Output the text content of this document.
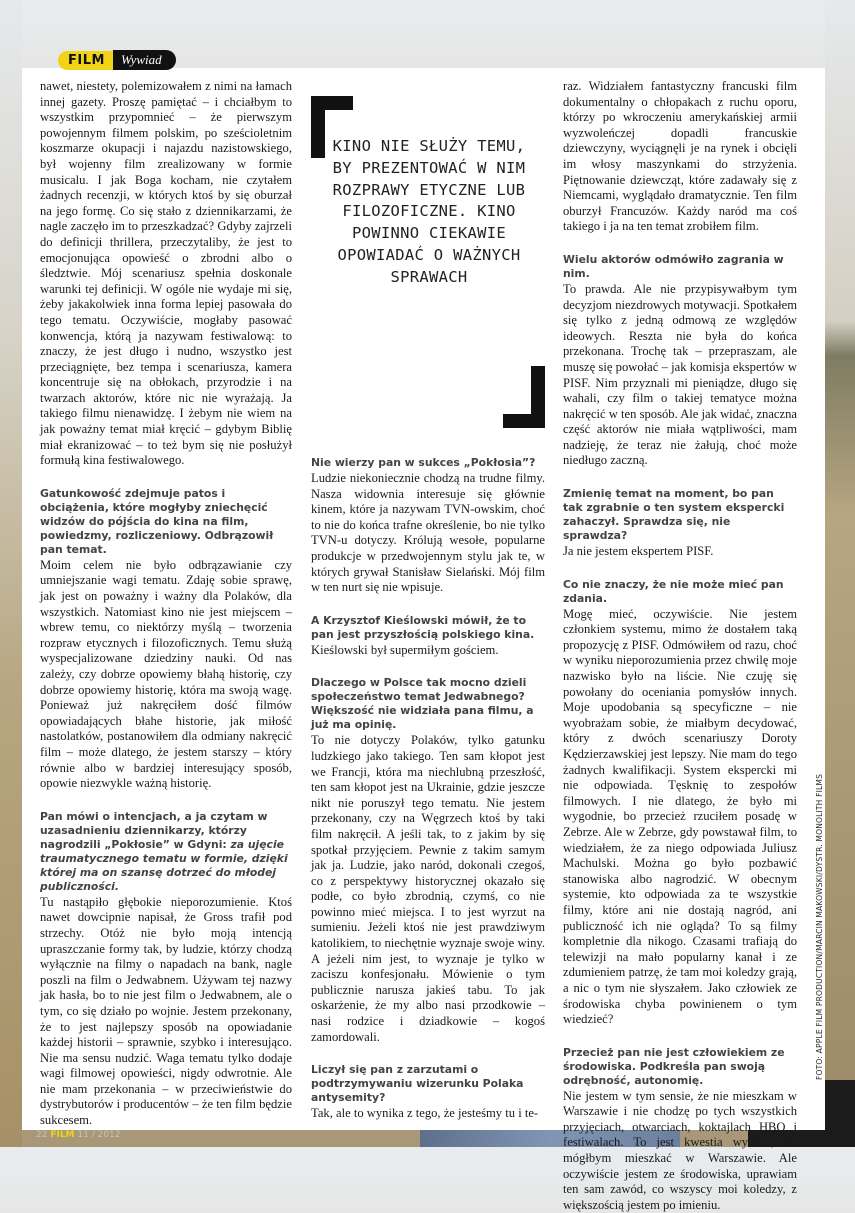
FILM	Wywiad

nawet, niestety, polemizowałem z nimi na łamach innej gazety. Proszę pamiętać – i chciałbym to wszystkim przypomnieć – że pierwszym powojennym filmem polskim, po sześcioletnim koszmarze okupacji i najazdu nazistowskiego, był wojenny film zrealizowany w formie musicalu. I jak Boga kocham, nie czytałem żadnych recenzji, w których ktoś by się oburzał na jego formę. Co się stało z dziennikarzami, że nagle zaczęło im to przeszkadzać? Gdyby zajrzeli do definicji thrillera, przeczytaliby, że jest to emocjonująca opowieść o zbrodni albo o śledztwie. Mój scenariusz spełnia doskonale warunki tej definicji. W ogóle nie wydaje mi się, żeby jakakolwiek inna forma lepiej pasowała do tego tematu. Oczywiście, mogłaby pasować konwencja, którą ja nazywam festiwalową: to znaczy, że jest długo i nudno, wszystko jest przeciągnięte, bez tempa i scenariusza, kamera koncentruje się na obłokach, przyrodzie i na twarzach aktorów, które nic nie wyrażają. Ja takiego filmu nienawidzę. I żebym nie wiem na jak poważny temat miał kręcić – gdybym Biblię miał ekranizować – to też bym się nie posłużył formułą kina festiwalowego.

Gatunkowość zdejmuje patos i obciążenia, które mogłyby zniechęcić widzów do pójścia do kina na film, powiedzmy, rozliczeniowy. Odbrązowił pan temat.

Moim celem nie było odbrązawianie czy umniejszanie wagi tematu. Zdaję sobie sprawę, jak jest on poważny i ważny dla Polaków, dla wszystkich. Natomiast kino nie jest miejscem – wbrew temu, co niektórzy myślą – tworzenia rozpraw etycznych i filozoficznych. Temu służą wyspecjalizowane dziedziny nauki. Od nas zależy, czy dobrze opowiemy błahą historię, czy dobrze opowiemy historię, która ma swoją wagę. Ponieważ już nakręciłem dość filmów opowiadających błahe historie, jak miłość nastolatków, postanowiłem dla odmiany nakręcić film – może dlatego, że jestem starszy – który równie albo w bardziej interesujący sposób, opowie niezwykle ważną historię.

Pan mówi o intencjach, a ja czytam w uzasadnieniu dziennikarzy, którzy nagrodzili „Pokłosie” w Gdyni: za ujęcie traumatycznego tematu w formie, dzięki której ma on szansę dotrzeć do młodej publiczności.

Tu nastąpiło głębokie nieporozumienie. Ktoś nawet dowcipnie napisał, że Gross trafił pod strzechy. Otóż nie było moją intencją upraszczanie formy tak, by ludzie, którzy chodzą wyłącznie na filmy o napadach na bank, nagle poszli na film o Jedwabnem. Używam tej nazwy jak hasła, bo to nie jest film o Jedwabnem, ale o tym, co się działo po wojnie. Jestem przekonany, że to jest najlepszy sposób na opowiadanie każdej historii – sprawnie, szybko i interesująco. Nie ma sensu nudzić. Waga tematu tylko dodaje wagi filmowej opowieści, nigdy odwrotnie. Ale nie mam przekonania – w przeciwieństwie do dystrybutorów i producentów – że ten film będzie sukcesem.

KINO NIE SŁUŻY TEMU, BY PREZENTOWAĆ W NIM ROZPRAWY ETYCZNE LUB FILOZOFICZNE. KINO POWINNO CIEKAWIE OPOWIADAĆ O WAŻNYCH SPRAWACH

Nie wierzy pan w sukces „Pokłosia”?

Ludzie niekoniecznie chodzą na trudne filmy. Nasza widownia interesuje się głównie kinem, które ja nazywam TVN-owskim, choć to nie do końca trafne określenie, bo nie tylko TVN-u dotyczy. Królują wesołe, popularne produkcje w przedwojennym stylu jak te, w których grywał Stanisław Sielański. Mój film w ten nurt się nie wpisuje.

A Krzysztof Kieślowski mówił, że to pan jest przyszłością polskiego kina.

Kieślowski był supermiłym gościem.

Dlaczego w Polsce tak mocno dzieli społeczeństwo temat Jedwabnego? Większość nie widziała pana filmu, a już ma opinię.

To nie dotyczy Polaków, tylko gatunku ludzkiego jako takiego. Ten sam kłopot jest we Francji, która ma niechlubną przeszłość, ten sam kłopot jest na Ukrainie, gdzie jeszcze nikt nie poruszył tego tematu. Nie jestem przekonany, czy na Węgrzech ktoś by taki film nakręcił. A jeśli tak, to z jakim by się spotkał przyjęciem. Pewnie z takim samym jak ja. Ludzie, jako naród, dokonali czegoś, co z perspektywy historycznej okazało się podłe, co było zbrodnią, czymś, co nie powinno mieć miejsca. I to jest wyrzut na sumieniu. Jeżeli ktoś nie jest prawdziwym katolikiem, to niechętnie wyznaje swoje winy. A jeżeli nim jest, to wyznaje je tylko w zaciszu konfesjonału. Mówienie o tym publicznie narusza jakieś tabu. To jak oskarżenie, że my albo nasi przodkowie – nasi rodzice i dziadkowie – kogoś zamordowali.

Liczył się pan z zarzutami o podtrzymywaniu wizerunku Polaka antysemity?

Tak, ale to wynika z tego, że jesteśmy tu i te-

raz. Widziałem fantastyczny francuski film dokumentalny o chłopakach z ruchu oporu, którzy po wkroczeniu amerykańskiej armii wyzwoleńczej dopadli francuskie dziewczyny, wyciągnęli je na rynek i obcięli im włosy maszynkami do strzyżenia. Piętnowanie dziewcząt, które zadawały się z Niemcami, wyglądało dramatycznie. Ten film oburzył Francuzów. Każdy naród ma coś takiego i ja na ten temat zrobiłem film.

Wielu aktorów odmówiło zagrania w nim.

To prawda. Ale nie przypisywałbym tym decyzjom niezdrowych motywacji. Spotkałem się tylko z jedną odmową ze względów ideowych. Reszta nie była do końca przekonana. Trochę tak – przepraszam, ale muszę się powołać – jak komisja ekspertów w PISF. Nim przyznali mi pieniądze, długo się wahali, czy film o takiej tematyce można nakręcić w ten sposób. Ale jak widać, znaczna część aktorów nie miała wątpliwości, mam nadzieję, że teraz nie żałują, choć może niedługo zaczną.

Zmienię temat na moment, bo pan tak zgrabnie o ten system ekspercki zahaczył. Sprawdza się, nie sprawdza?

Ja nie jestem ekspertem PISF.

Co nie znaczy, że nie może mieć pan zdania.

Mogę mieć, oczywiście. Nie jestem członkiem systemu, mimo że dostałem taką propozycję z PISF. Odmówiłem od razu, choć w wyniku nieporozumienia przez chwilę moje nazwisko było na liście. Nie czuję się powołany do oceniania pomysłów innych. Moje upodobania są specyficzne – nie wyobrażam sobie, że miałbym decydować, który z dwóch scenariuszy Doroty Kędzierzawskiej jest lepszy. Nie mam do tego żadnych kwalifikacji. System ekspercki mi nie odpowiada. Tęsknię to zespołów filmowych. I nie dlatego, że było mi wygodnie, bo przecież rzuciłem posadę w Zebrze. Ale w Zebrze, gdy powstawał film, to wiedziałem, że za niego odpowiada Juliusz Machulski. Można go było pozbawić stanowiska albo nagrodzić. W obecnym systemie, kto odpowiada za te wszystkie filmy, które ani nie dostają nagród, ani publiczność ich nie ogląda? To są filmy kompletnie dla nikogo. Czasami trafiają do telewizji na mało popularny kanał i ze zdumieniem patrzę, że tam moi koledzy grają, a nic o tym nie słyszałem. Jako człowiek ze środowiska chyba powinienem o tym wiedzieć?

Przecież pan nie jest człowiekiem ze środowiska. Podkreśla pan swoją odrębność, autonomię.

Nie jestem w tym sensie, że nie mieszkam w Warszawie i nie chodzę po tych wszystkich przyjęciach, otwarciach, koktajlach HBO i festiwalach. To jest kwestia wyboru, bo mógłbym mieszkać w Warszawie. Ale oczywiście jestem ze środowiska, uprawiam ten sam zawód, co wszyscy moi koledzy, z większością jestem po imieniu.

FOTO: APPLE FILM PRODUCTION/MARCIN MAKOWSKI/DYSTR. MONOLITH FILMS
22 FILM 11 / 2012
